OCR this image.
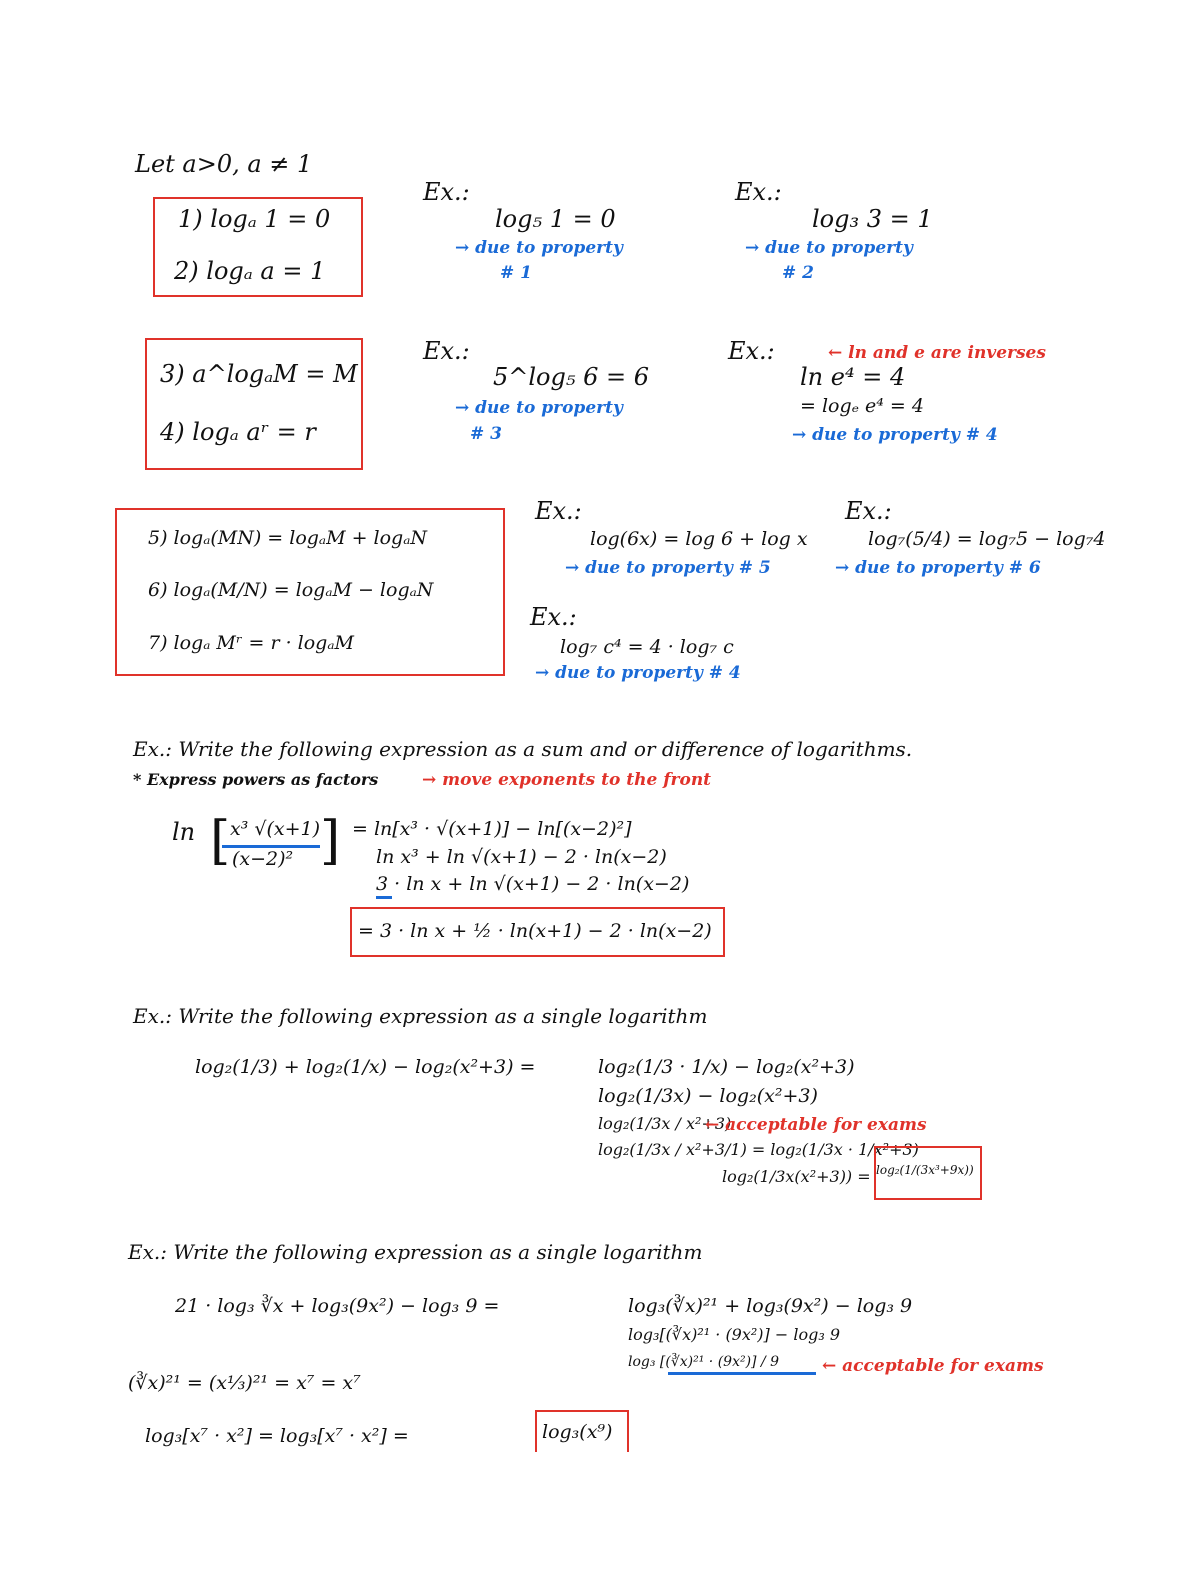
Let a>0, a ≠ 1
1) logₐ 1 = 0
2) logₐ a = 1
3) a^logₐM = M
4) logₐ aʳ = r
5) logₐ(MN) = logₐM + logₐN
6) logₐ(M/N) = logₐM − logₐN
7) logₐ Mʳ = r · logₐM
Ex.:
log₅ 1 = 0
→ due to property
# 1
Ex.:
log₃ 3 = 1
→ due to property
# 2
Ex.:
5^log₅ 6 = 6
→ due to property
# 3
Ex.:	← ln and e are inverses
ln e⁴ = 4
= logₑ e⁴ = 4
→ due to property # 4
Ex.:
log(6x) = log 6 + log x
→ due to property # 5
Ex.:
log₇(5/4) = log₇5 − log₇4
→ due to property # 6
Ex.:
log₇ c⁴ = 4 · log₇ c
→ due to property # 4
Ex.: Write the following expression as a sum and or difference of logarithms.
* Express powers as factors	→ move exponents to the front
ln x³ √(x+1)
(x−2)²
[ ] = ln[x³ · √(x+1)] − ln[(x−2)²]
ln x³ + ln √(x+1) − 2 · ln(x−2)
3 · ln x + ln √(x+1) − 2 · ln(x−2)
= 3 · ln x + ½ · ln(x+1) − 2 · ln(x−2)
Ex.: Write the following expression as a single logarithm
log₂(1/3) + log₂(1/x) − log₂(x²+3) =	log₂(1/3 · 1/x) − log₂(x²+3)
log₂(1/3x) − log₂(x²+3)
log₂(1/3x / x²+3)
← acceptable for exams
log₂(1/3x / x²+3/1) = log₂(1/3x · 1/x²+3)
log₂(1/3x(x²+3)) = log₂(1/(3x³+9x))
Ex.: Write the following expression as a single logarithm
21 · log₃ ∛x + log₃(9x²) − log₃ 9 =	log₃(∛x)²¹ + log₃(9x²) − log₃ 9
log₃[(∛x)²¹ · (9x²)] − log₃ 9
log₃ [(∛x)²¹ · (9x²)] / 9	← acceptable for exams
(∛x)²¹ = (x⅓)²¹ = x⁷ = x⁷
log₃[x⁷ · x²] = log₃[x⁷ · x²] =	log₃(x⁹)
